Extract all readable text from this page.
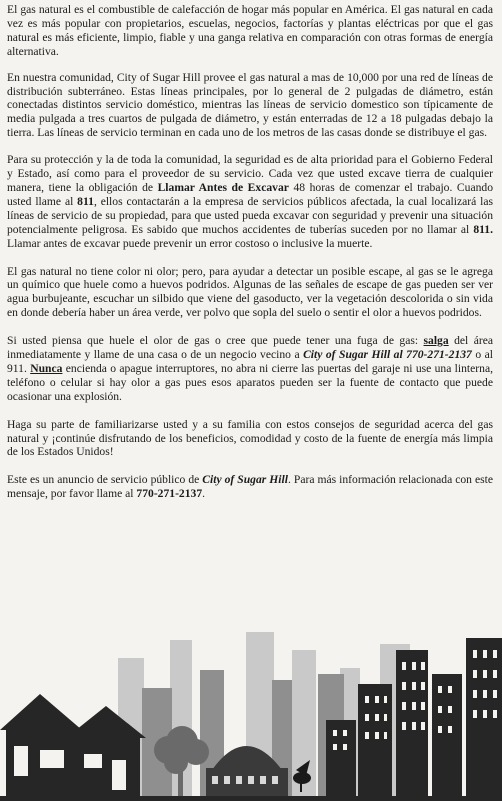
El gas natural es el combustible de calefacción de hogar más popular en América. El gas natural en cada vez es más popular con propietarios, escuelas, negocios, factorías y plantas eléctricas por que el gas natural es más eficiente, limpio, fiable y una ganga relativa en comparación con otras formas de energía alternativa.

En nuestra comunidad, City of Sugar Hill provee el gas natural a mas de 10,000 por una red de líneas de distribución subterráneo. Estas líneas principales, por lo general de 2 pulgadas de diámetro, están conectadas distintos servicio doméstico, mientras las líneas de servicio domestico son típicamente de media pulgada a tres cuartos de pulgada de diámetro, y están enterradas de 12 a 18 pulgadas debajo la tierra. Las líneas de servicio terminan en cada uno de los metros de las casas donde se distribuye el gas.

Para su protección y la de toda la comunidad, la seguridad es de alta prioridad para el Gobierno Federal y Estado, así como para el proveedor de su servicio. Cada vez que usted excave tierra de cualquier manera, tiene la obligación de Llamar Antes de Excavar 48 horas de comenzar el trabajo. Cuando usted llame al 811, ellos contactarán a la empresa de servicios públicos afectada, la cual localizará las líneas de servicio de su propiedad, para que usted pueda excavar con seguridad y prevenir una situación potencialmente peligrosa. Es sabido que muchos accidentes de tuberías suceden por no llamar al 811. Llamar antes de excavar puede prevenir un error costoso o inclusive la muerte.

El gas natural no tiene color ni olor; pero, para ayudar a detectar un posible escape, al gas se le agrega un químico que huele como a huevos podridos. Algunas de las señales de escape de gas pueden ser ver agua burbujeante, escuchar un silbido que viene del gasoducto, ver la vegetación descolorida o sin vida en donde debería haber un área verde, ver polvo que sopla del suelo o sentir el olor a huevos podridos.

Si usted piensa que huele el olor de gas o cree que puede tener una fuga de gas: salga del área inmediatamente y llame de una casa o de un negocio vecino a City of Sugar Hill al 770-271-2137 o al 911. Nunca encienda o apague interruptores, no abra ni cierre las puertas del garaje ni use una linterna, teléfono o celular si hay olor a gas pues esos aparatos pueden ser la fuente de contacto que puede ocasionar una explosión.

Haga su parte de familiarizarse usted y a su familia con estos consejos de seguridad acerca del gas natural y ¡continúe disfrutando de los beneficios, comodidad y costo de la fuente de energía más limpia de los Estados Unidos!

Este es un anuncio de servicio público de City of Sugar Hill. Para más información relacionada con este mensaje, por favor llame al 770-271-2137.
